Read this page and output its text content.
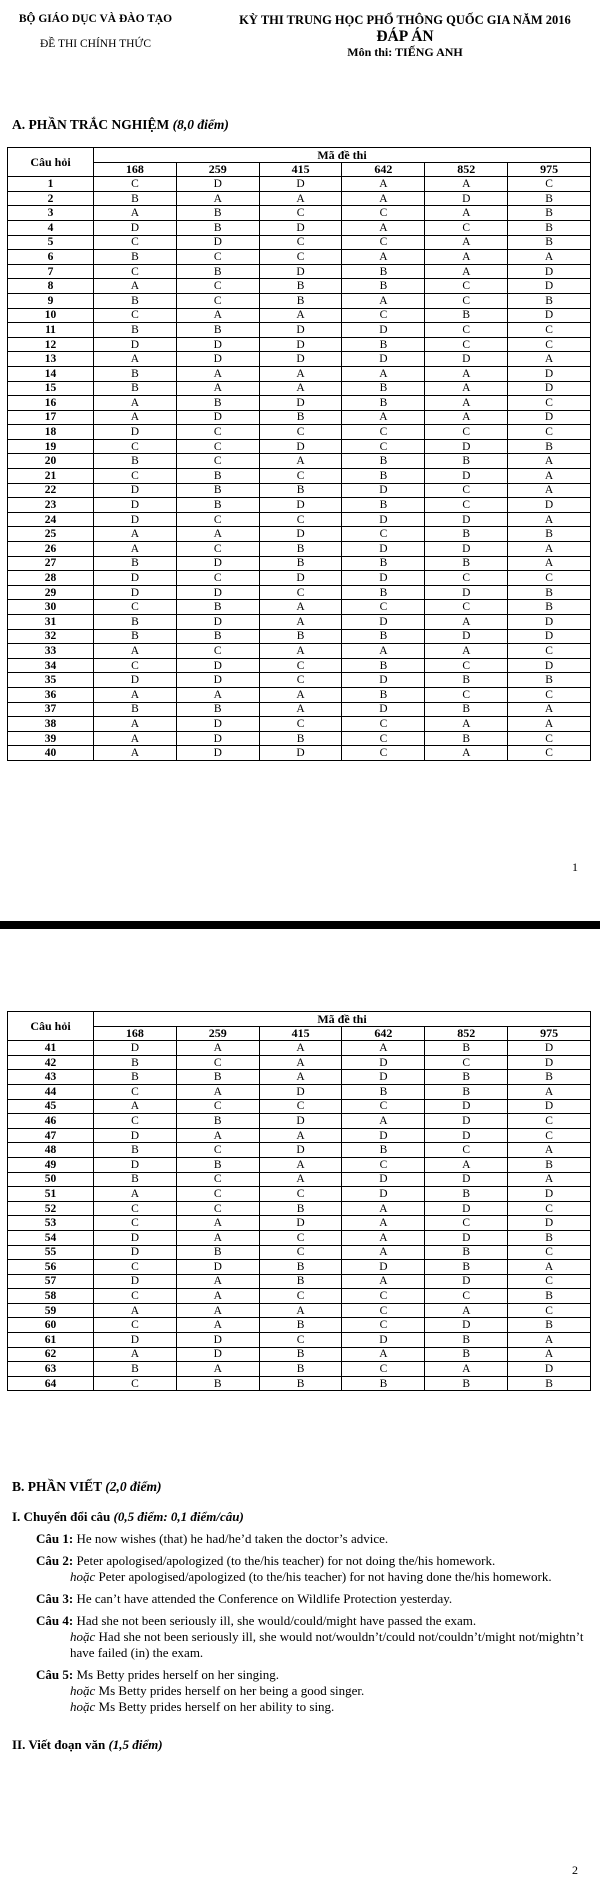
BỘ GIÁO DỤC VÀ ĐÀO TẠO
ĐỀ THI CHÍNH THỨC
KỲ THI TRUNG HỌC PHỔ THÔNG QUỐC GIA NĂM 2016
ĐÁP ÁN
Môn thi: TIẾNG ANH
A. PHẦN TRẮC NGHIỆM (8,0 điểm)
Câu hỏi	Mã đề thi					
	168	259	415	642	852	975
1	C	D	D	A	A	C
2	B	A	A	A	D	B
3	A	B	C	C	A	B
4	D	B	D	A	C	B
5	C	D	C	C	A	B
6	B	C	C	A	A	A
7	C	B	D	B	A	D
8	A	C	B	B	C	D
9	B	C	B	A	C	B
10	C	A	A	C	B	D
11	B	B	D	D	C	C
12	D	D	D	B	C	C
13	A	D	D	D	D	A
14	B	A	A	A	A	D
15	B	A	A	B	A	D
16	A	B	D	B	A	C
17	A	D	B	A	A	D
18	D	C	C	C	C	C
19	C	C	D	C	D	B
20	B	C	A	B	B	A
21	C	B	C	B	D	A
22	D	B	B	D	C	A
23	D	B	D	B	C	D
24	D	C	C	D	D	A
25	A	A	D	C	B	B
26	A	C	B	D	D	A
27	B	D	B	B	B	A
28	D	C	D	D	C	C
29	D	D	C	B	D	B
30	C	B	A	C	C	B
31	B	D	A	D	A	D
32	B	B	B	B	D	D
33	A	C	A	A	A	C
34	C	D	C	B	C	D
35	D	D	C	D	B	B
36	A	A	A	B	C	C
37	B	B	A	D	B	A
38	A	D	C	C	A	A
39	A	D	B	C	B	C
40	A	D	D	C	A	C
1
Câu hỏi	Mã đề thi					
	168	259	415	642	852	975
41	D	A	A	A	B	D
42	B	C	A	D	C	D
43	B	B	A	D	B	B
44	C	A	D	B	B	A
45	A	C	C	C	D	D
46	C	B	D	A	D	C
47	D	A	A	D	D	C
48	B	C	D	B	C	A
49	D	B	A	C	A	B
50	B	C	A	D	D	A
51	A	C	C	D	B	D
52	C	C	B	A	D	C
53	C	A	D	A	C	D
54	D	A	C	A	D	B
55	D	B	C	A	B	C
56	C	D	B	D	B	A
57	D	A	B	A	D	C
58	C	A	C	C	C	B
59	A	A	A	C	A	C
60	C	A	B	C	D	B
61	D	D	C	D	B	A
62	A	D	B	A	B	A
63	B	A	B	C	A	D
64	C	B	B	B	B	B
B. PHẦN VIẾT (2,0 điểm)
I. Chuyển đổi câu (0,5 điểm: 0,1 điểm/câu)
Câu 1: He now wishes (that) he had/he’d taken the doctor’s advice.
Câu 2: Peter apologised/apologized (to the/his teacher) for not doing the/his homework.
hoặc Peter apologised/apologized (to the/his teacher) for not having done the/his homework.
Câu 3: He can’t have attended the Conference on Wildlife Protection yesterday.
Câu 4: Had she not been seriously ill, she would/could/might have passed the exam.
hoặc Had she not been seriously ill, she would not/wouldn’t/could not/couldn’t/might not/mightn’t have failed (in) the exam.
Câu 5: Ms Betty prides herself on her singing.
hoặc Ms Betty prides herself on her being a good singer.
hoặc Ms Betty prides herself on her ability to sing.
II. Viết đoạn văn (1,5 điểm)
2
